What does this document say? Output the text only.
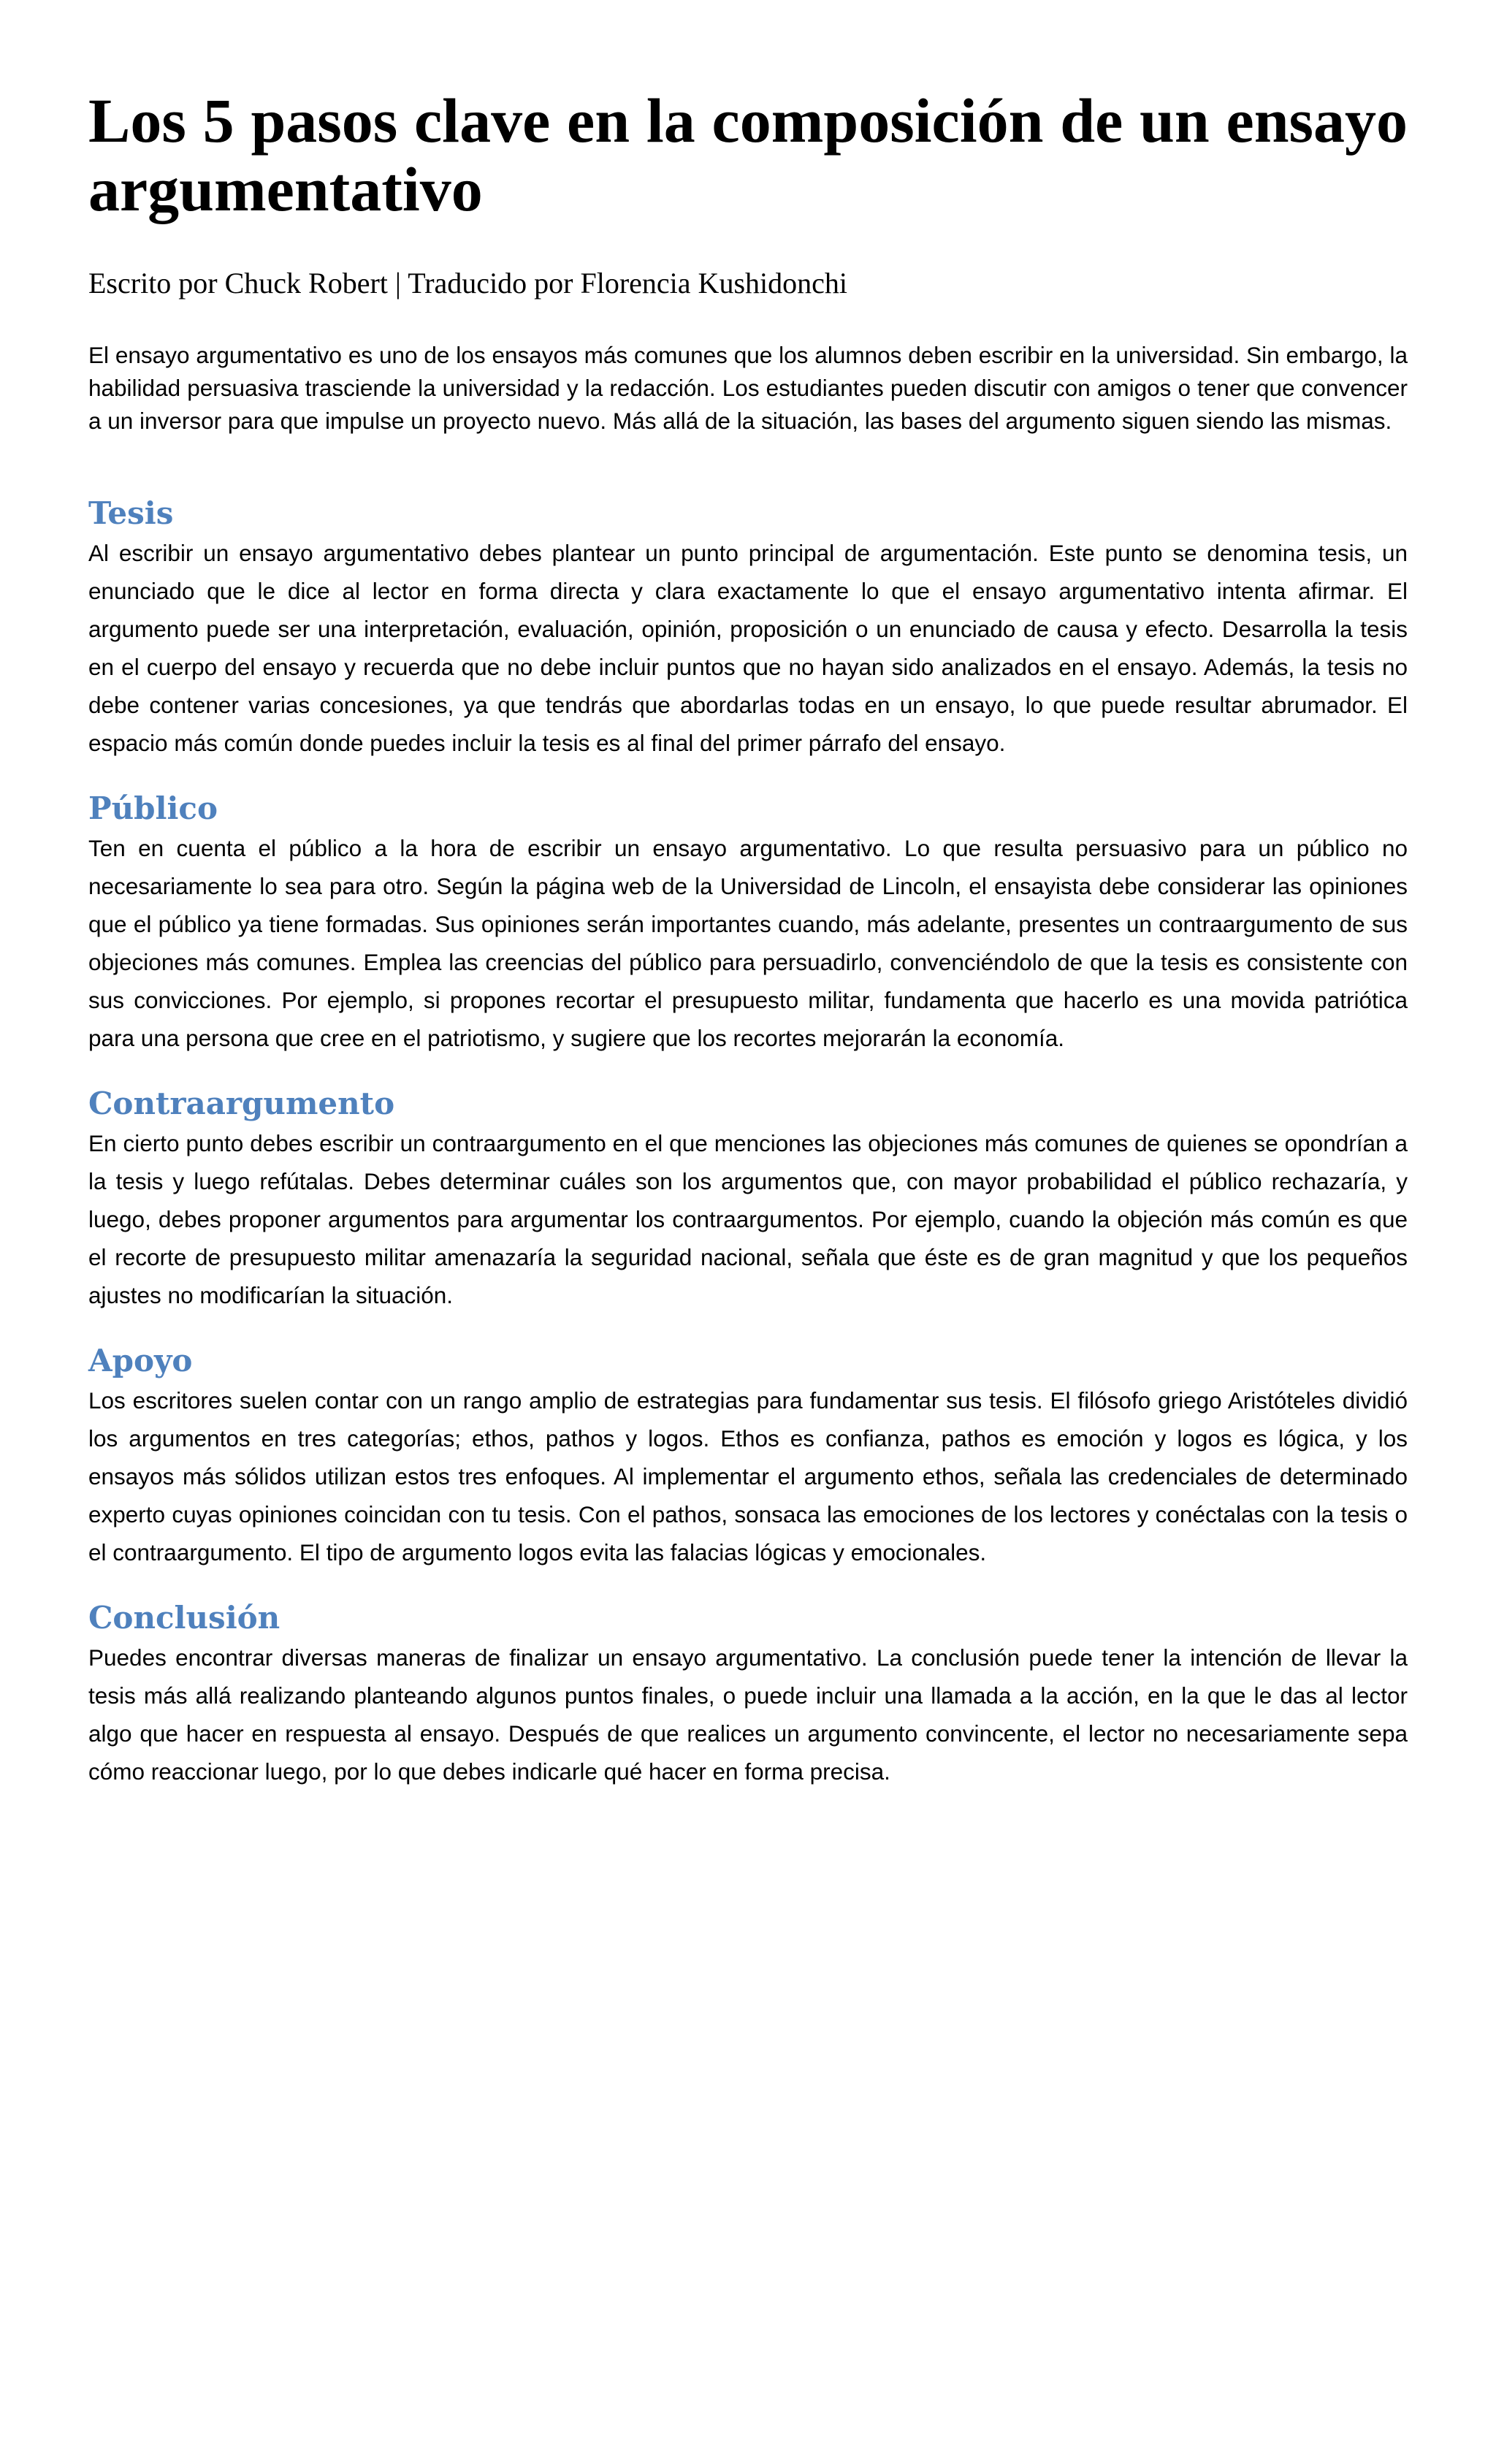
Los 5 pasos clave en la composición de un ensayo argumentativo

Escrito por Chuck Robert | Traducido por Florencia Kushidonchi

El ensayo argumentativo es uno de los ensayos más comunes que los alumnos deben escribir en la universidad. Sin embargo, la habilidad persuasiva trasciende la universidad y la redacción. Los estudiantes pueden discutir con amigos o tener que convencer a un inversor para que impulse un proyecto nuevo. Más allá de la situación, las bases del argumento siguen siendo las mismas.

Tesis

Al escribir un ensayo argumentativo debes plantear un punto principal de argumentación. Este punto se denomina tesis, un enunciado que le dice al lector en forma directa y clara exactamente lo que el ensayo argumentativo intenta afirmar. El argumento puede ser una interpretación, evaluación, opinión, proposición o un enunciado de causa y efecto. Desarrolla la tesis en el cuerpo del ensayo y recuerda que no debe incluir puntos que no hayan sido analizados en el ensayo. Además, la tesis no debe contener varias concesiones, ya que tendrás que abordarlas todas en un ensayo, lo que puede resultar abrumador. El espacio más común donde puedes incluir la tesis es al final del primer párrafo del ensayo.

Público

Ten en cuenta el público a la hora de escribir un ensayo argumentativo. Lo que resulta persuasivo para un público no necesariamente lo sea para otro. Según la página web de la Universidad de Lincoln, el ensayista debe considerar las opiniones que el público ya tiene formadas. Sus opiniones serán importantes cuando, más adelante, presentes un contraargumento de sus objeciones más comunes. Emplea las creencias del público para persuadirlo, convenciéndolo de que la tesis es consistente con sus convicciones. Por ejemplo, si propones recortar el presupuesto militar, fundamenta que hacerlo es una movida patriótica para una persona que cree en el patriotismo, y sugiere que los recortes mejorarán la economía.

Contraargumento

En cierto punto debes escribir un contraargumento en el que menciones las objeciones más comunes de quienes se opondrían a la tesis y luego refútalas. Debes determinar cuáles son los argumentos que, con mayor probabilidad el público rechazaría, y luego, debes proponer argumentos para argumentar los contraargumentos. Por ejemplo, cuando la objeción más común es que el recorte de presupuesto militar amenazaría la seguridad nacional, señala que éste es de gran magnitud y que los pequeños ajustes no modificarían la situación.

Apoyo

Los escritores suelen contar con un rango amplio de estrategias para fundamentar sus tesis. El filósofo griego Aristóteles dividió los argumentos en tres categorías; ethos, pathos y logos. Ethos es confianza, pathos es emoción y logos es lógica, y los ensayos más sólidos utilizan estos tres enfoques. Al implementar el argumento ethos, señala las credenciales de determinado experto cuyas opiniones coincidan con tu tesis. Con el pathos, sonsaca las emociones de los lectores y conéctalas con la tesis o el contraargumento. El tipo de argumento logos evita las falacias lógicas y emocionales.

Conclusión

Puedes encontrar diversas maneras de finalizar un ensayo argumentativo. La conclusión puede tener la intención de llevar la tesis más allá realizando planteando algunos puntos finales, o puede incluir una llamada a la acción, en la que le das al lector algo que hacer en respuesta al ensayo. Después de que realices un argumento convincente, el lector no necesariamente sepa cómo reaccionar luego, por lo que debes indicarle qué hacer en forma precisa.
